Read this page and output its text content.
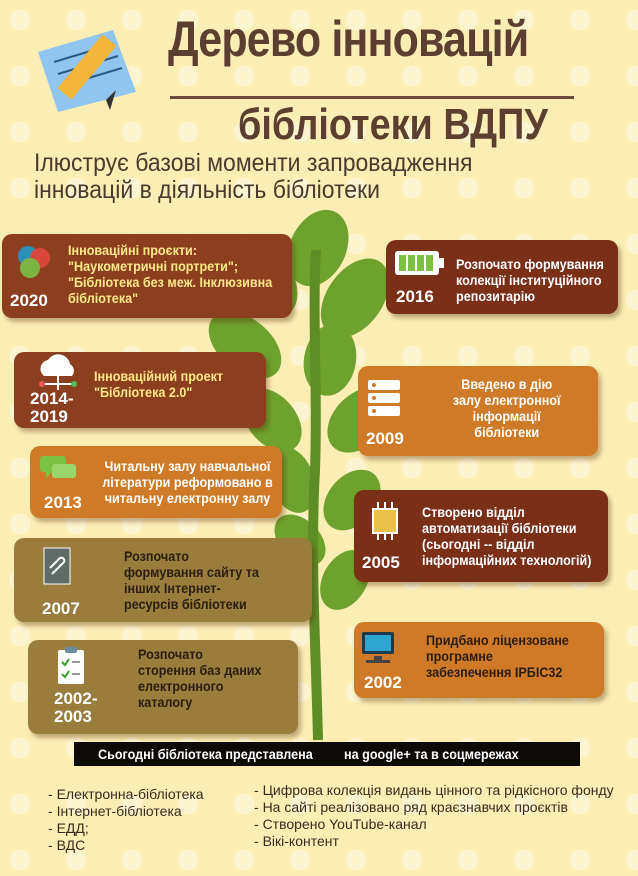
Дерево інновацій
бібліотеки ВДПУ
Ілюструє базові моменти запровадження інновацій в діяльність бібліотеки
2020
Інноваційні проєкти: "Наукометричні портрети"; "Бібліотека без меж. Інклюзивна бібліотека"	2016
Розпочато формування колекції інституційного репозитарію
2014-2019
Інноваційний проект "Бібліотека 2.0"
2009
Введено в дію залу електронної інформації бібліотеки
2013
Читальну залу навчальної літератури реформовано в читальну електронну залу
2005
Створено відділ автоматизації бібліотеки (сьогодні -- відділ інформаційних технологій)
2007
Розпочато формування сайту та інших Інтернет-ресурсів бібліотеки
2002
Придбано ліцензоване програмне забезпечення ІРБІС32
2002-2003
Розпочато сторення баз даних електронного каталогу
Сьогодні бібліотека представлена на google+ та в соцмережах
- Електронна-бібліотека
- Інтернет-бібліотека
- ЕДД;
- ВДС
- Цифрова колекція видань цінного та рідкісного фонду
- На сайті реалізовано ряд краєзнавчих проєктів
- Створено YouTube-канал
- Вікі-контент
